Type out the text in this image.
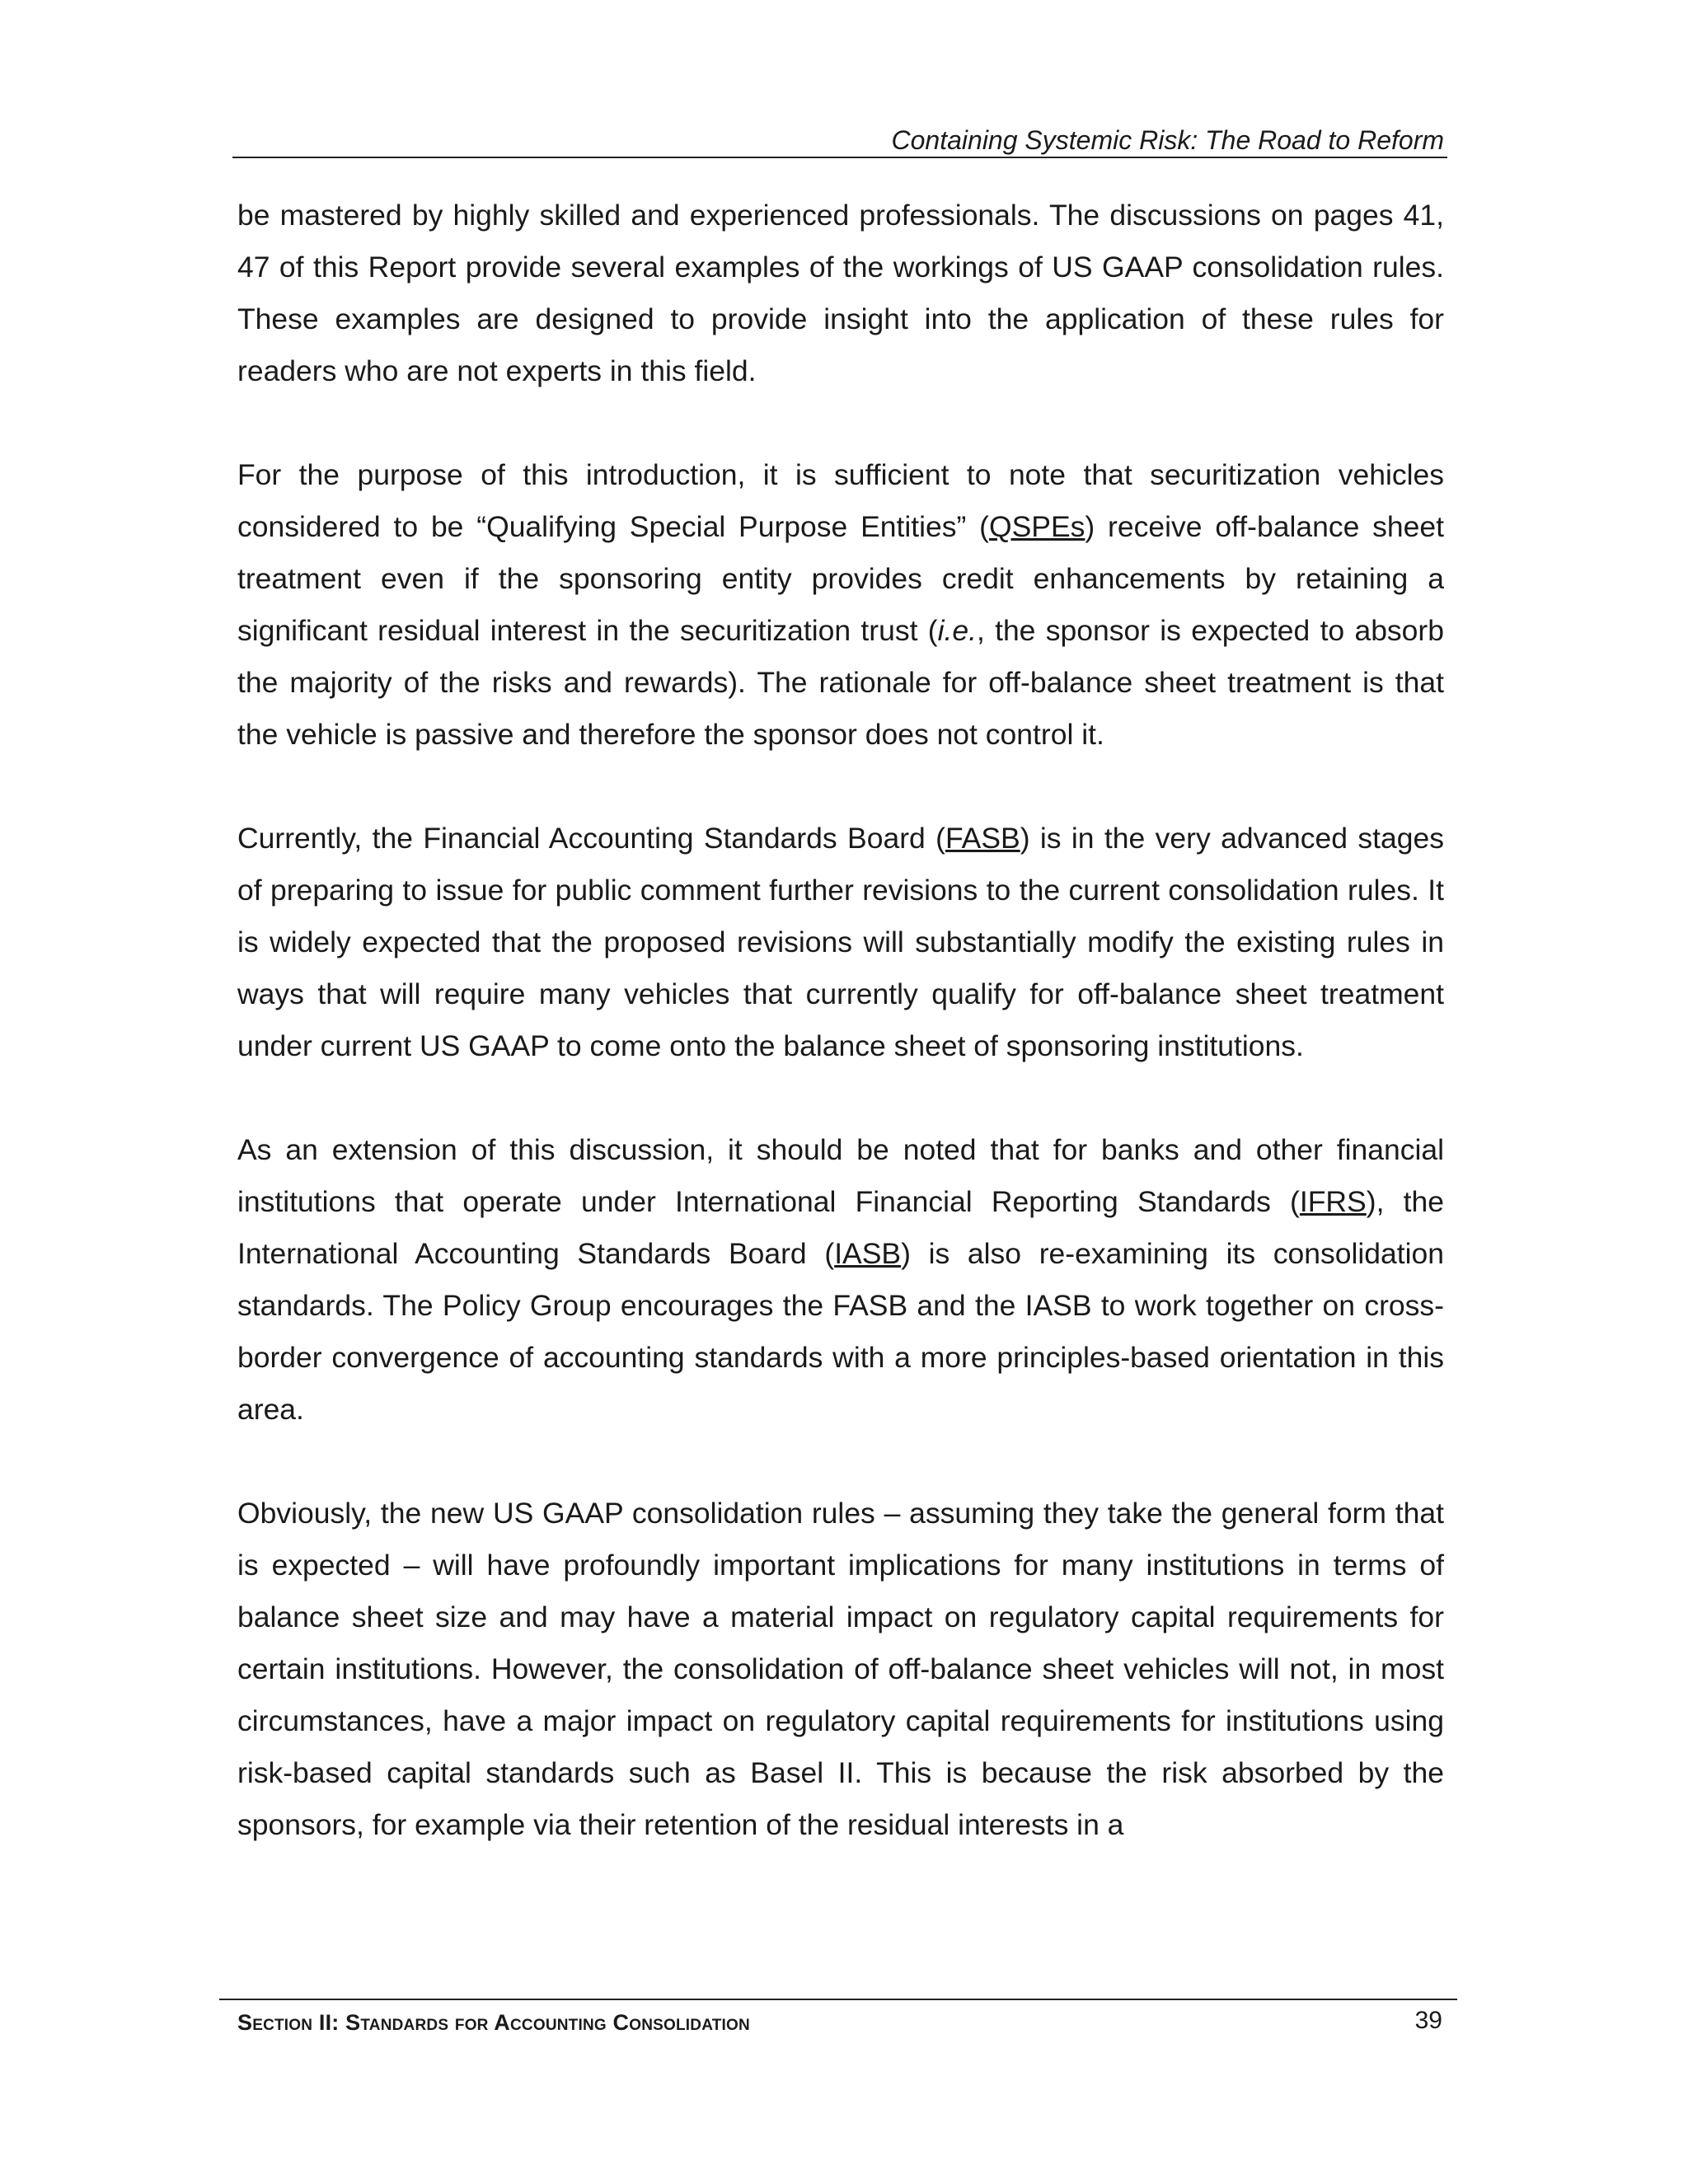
Containing Systemic Risk: The Road to Reform

be mastered by highly skilled and experienced professionals. The discussions on pages 41, 47 of this Report provide several examples of the workings of US GAAP consolidation rules. These examples are designed to provide insight into the application of these rules for readers who are not experts in this field.

For the purpose of this introduction, it is sufficient to note that securitization vehicles considered to be “Qualifying Special Purpose Entities” (QSPEs) receive off-balance sheet treatment even if the sponsoring entity provides credit enhancements by retaining a significant residual interest in the securitization trust (i.e., the sponsor is expected to absorb the majority of the risks and rewards). The rationale for off-balance sheet treatment is that the vehicle is passive and therefore the sponsor does not control it.

Currently, the Financial Accounting Standards Board (FASB) is in the very advanced stages of preparing to issue for public comment further revisions to the current consolidation rules. It is widely expected that the proposed revisions will substantially modify the existing rules in ways that will require many vehicles that currently qualify for off-balance sheet treatment under current US GAAP to come onto the balance sheet of sponsoring institutions.

As an extension of this discussion, it should be noted that for banks and other financial institutions that operate under International Financial Reporting Standards (IFRS), the International Accounting Standards Board (IASB) is also re-examining its consolidation standards. The Policy Group encourages the FASB and the IASB to work together on cross-border convergence of accounting standards with a more principles-based orientation in this area.

Obviously, the new US GAAP consolidation rules – assuming they take the general form that is expected – will have profoundly important implications for many institutions in terms of balance sheet size and may have a material impact on regulatory capital requirements for certain institutions. However, the consolidation of off-balance sheet vehicles will not, in most circumstances, have a major impact on regulatory capital requirements for institutions using risk-based capital standards such as Basel II. This is because the risk absorbed by the sponsors, for example via their retention of the residual interests in a

Section II: Standards for Accounting Consolidation	39
